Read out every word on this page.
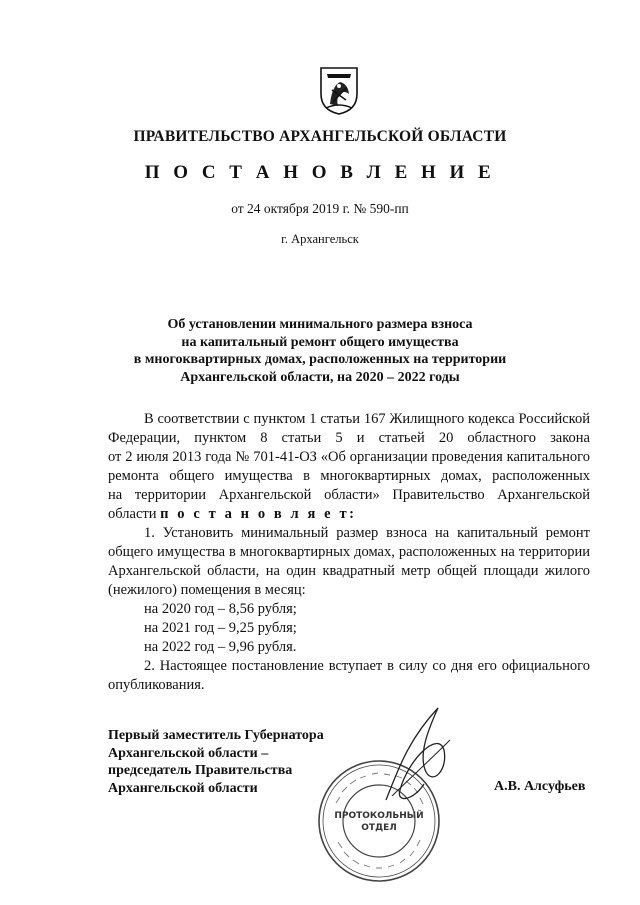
ПРАВИТЕЛЬСТВО АРХАНГЕЛЬСКОЙ ОБЛАСТИ
П О С Т А Н О В Л Е Н И Е
от 24 октября 2019 г. № 590-пп
г. Архангельск
Об установлении минимального размера взноса
на капитальный ремонт общего имущества
в многоквартирных домах, расположенных на территории
Архангельской области, на 2020 – 2022 годы
В соответствии с пунктом 1 статьи 167 Жилищного кодекса Российской
Федерации, пунктом 8 статьи 5 и статьей 20 областного закона
от 2 июля 2013 года № 701-41-ОЗ «Об организации проведения капитального
ремонта общего имущества в многоквартирных домах, расположенных
на территории Архангельской области» Правительство Архангельской
области п о с т а н о в л я е т:
1. Установить минимальный размер взноса на капитальный ремонт
общего имущества в многоквартирных домах, расположенных на территории
Архангельской области, на один квадратный метр общей площади жилого
(нежилого) помещения в месяц:
на 2020 год – 8,56 рубля;
на 2021 год – 9,25 рубля;
на 2022 год – 9,96 рубля.
2. Настоящее постановление вступает в силу со дня его официального
опубликования.
Первый заместитель Губернатора
Архангельской области –
председатель Правительства
Архангельской области
ПРОТОКОЛЬНЫЙ
ОТДЕЛ
А.В. Алсуфьев
